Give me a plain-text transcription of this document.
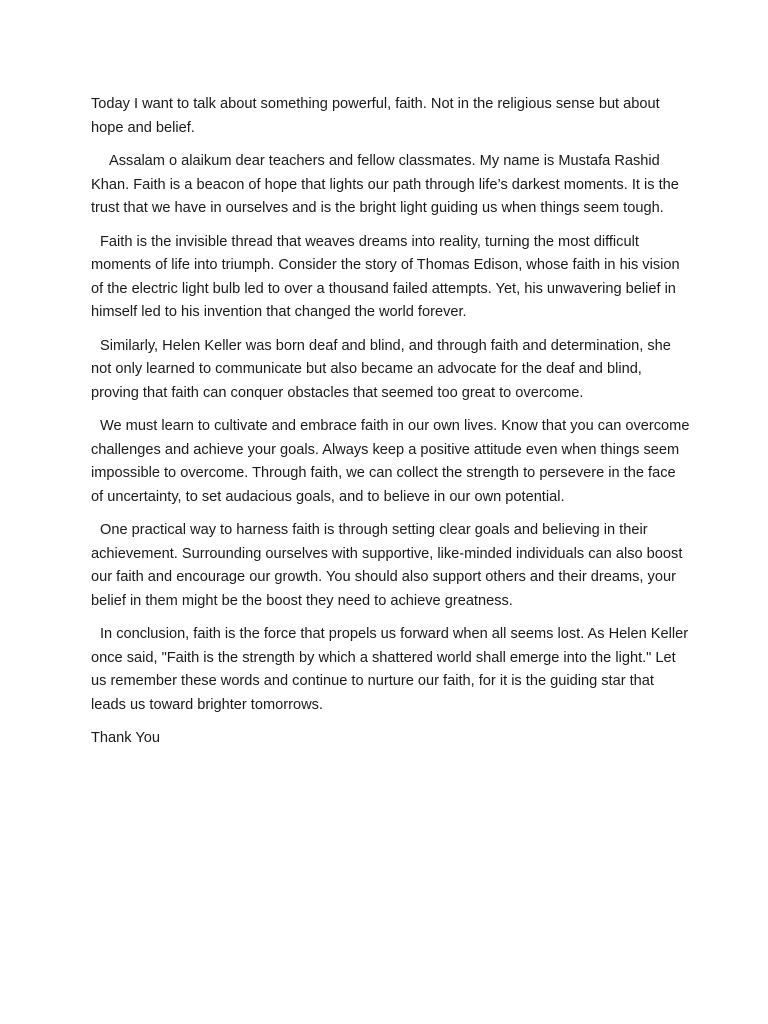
Today I want to talk about something powerful, faith. Not in the religious sense but about hope and belief.

Assalam o alaikum dear teachers and fellow classmates. My name is Mustafa Rashid Khan. Faith is a beacon of hope that lights our path through life’s darkest moments. It is the trust that we have in ourselves and is the bright light guiding us when things seem tough.

Faith is the invisible thread that weaves dreams into reality, turning the most difficult moments of life into triumph. Consider the story of Thomas Edison, whose faith in his vision of the electric light bulb led to over a thousand failed attempts. Yet, his unwavering belief in himself led to his invention that changed the world forever.

Similarly, Helen Keller was born deaf and blind, and through faith and determination, she not only learned to communicate but also became an advocate for the deaf and blind, proving that faith can conquer obstacles that seemed too great to overcome.

We must learn to cultivate and embrace faith in our own lives. Know that you can overcome challenges and achieve your goals. Always keep a positive attitude even when things seem impossible to overcome. Through faith, we can collect the strength to persevere in the face of uncertainty, to set audacious goals, and to believe in our own potential.

One practical way to harness faith is through setting clear goals and believing in their achievement. Surrounding ourselves with supportive, like-minded individuals can also boost our faith and encourage our growth. You should also support others and their dreams, your belief in them might be the boost they need to achieve greatness.

In conclusion, faith is the force that propels us forward when all seems lost. As Helen Keller once said, "Faith is the strength by which a shattered world shall emerge into the light." Let us remember these words and continue to nurture our faith, for it is the guiding star that leads us toward brighter tomorrows.

Thank You
